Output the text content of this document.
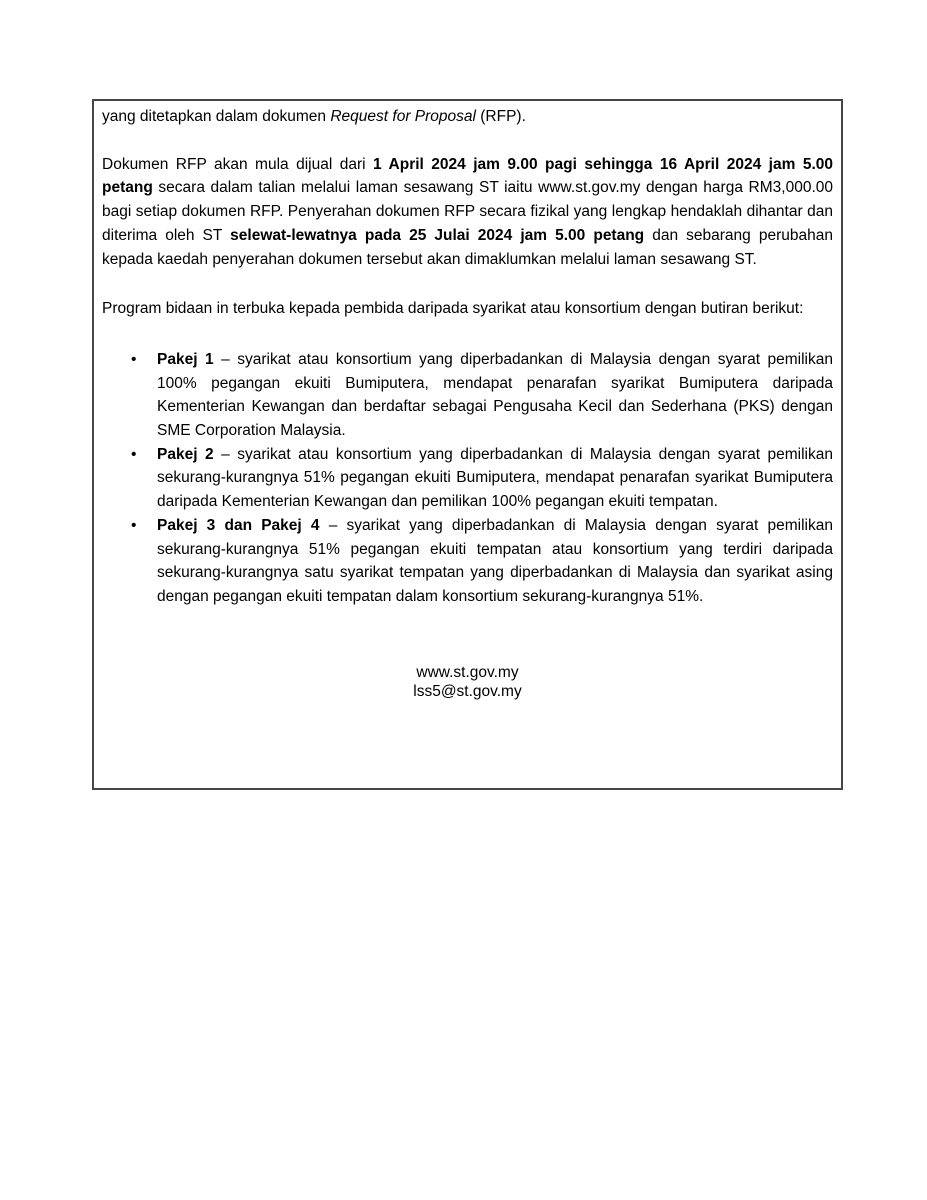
yang ditetapkan dalam dokumen Request for Proposal (RFP).

Dokumen RFP akan mula dijual dari 1 April 2024 jam 9.00 pagi sehingga 16 April 2024 jam 5.00 petang secara dalam talian melalui laman sesawang ST iaitu www.st.gov.my dengan harga RM3,000.00 bagi setiap dokumen RFP. Penyerahan dokumen RFP secara fizikal yang lengkap hendaklah dihantar dan diterima oleh ST selewat-lewatnya pada 25 Julai 2024 jam 5.00 petang dan sebarang perubahan kepada kaedah penyerahan dokumen tersebut akan dimaklumkan melalui laman sesawang ST.

Program bidaan in terbuka kepada pembida daripada syarikat atau konsortium dengan butiran berikut:

•	Pakej 1 – syarikat atau konsortium yang diperbadankan di Malaysia dengan syarat pemilikan 100% pegangan ekuiti Bumiputera, mendapat penarafan syarikat Bumiputera daripada Kementerian Kewangan dan berdaftar sebagai Pengusaha Kecil dan Sederhana (PKS) dengan SME Corporation Malaysia.
•	Pakej 2 – syarikat atau konsortium yang diperbadankan di Malaysia dengan syarat pemilikan sekurang-kurangnya 51% pegangan ekuiti Bumiputera, mendapat penarafan syarikat Bumiputera daripada Kementerian Kewangan dan pemilikan 100% pegangan ekuiti tempatan.
•	Pakej 3 dan Pakej 4 – syarikat yang diperbadankan di Malaysia dengan syarat pemilikan sekurang-kurangnya 51% pegangan ekuiti tempatan atau konsortium yang terdiri daripada sekurang-kurangnya satu syarikat tempatan yang diperbadankan di Malaysia dan syarikat asing dengan pegangan ekuiti tempatan dalam konsortium sekurang-kurangnya 51%.
www.st.gov.my
lss5@st.gov.my
